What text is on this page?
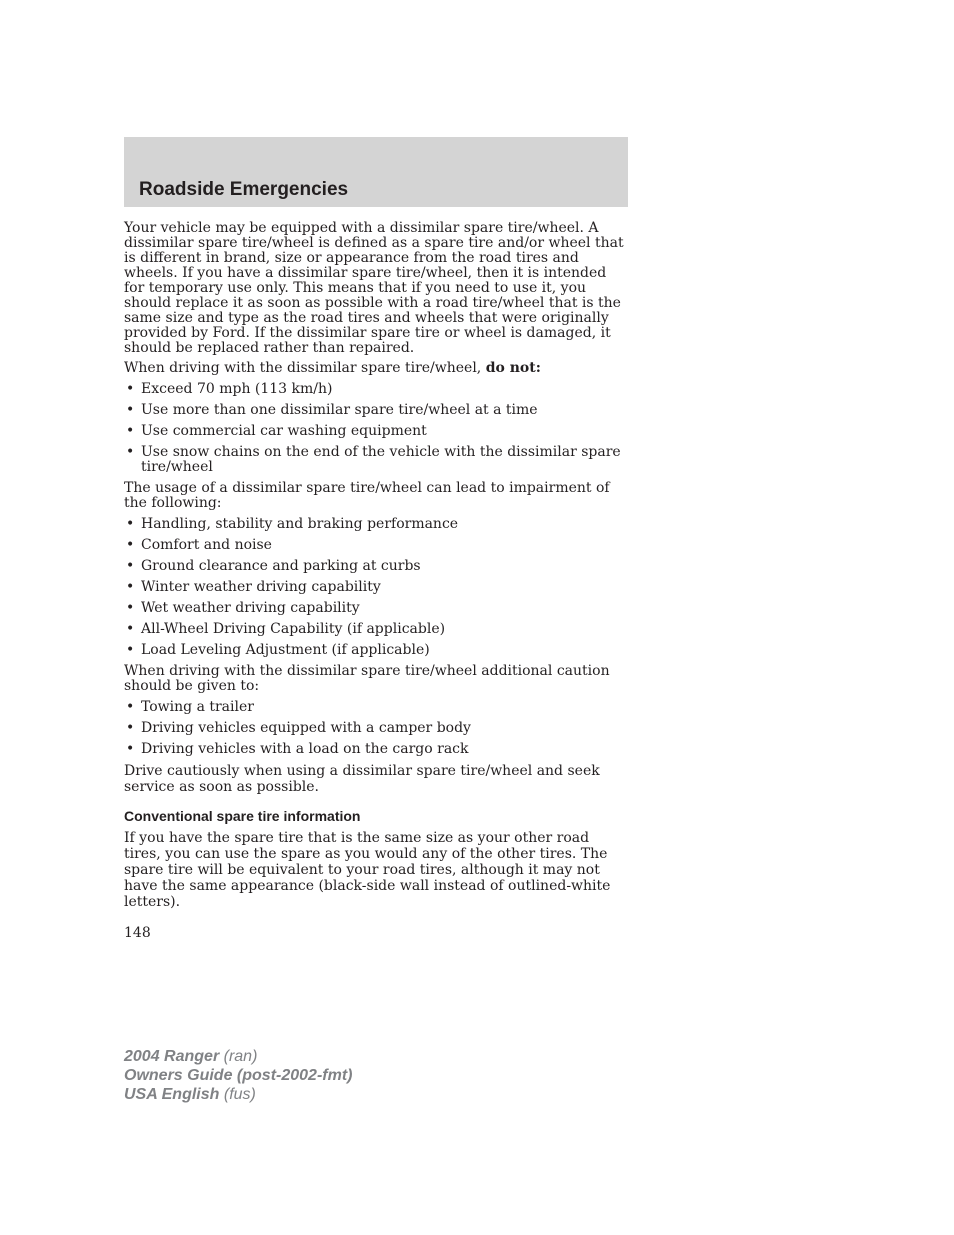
Roadside Emergencies

Your vehicle may be equipped with a dissimilar spare tire/wheel. A dissimilar spare tire/wheel is defined as a spare tire and/or wheel that is different in brand, size or appearance from the road tires and wheels. If you have a dissimilar spare tire/wheel, then it is intended for temporary use only. This means that if you need to use it, you should replace it as soon as possible with a road tire/wheel that is the same size and type as the road tires and wheels that were originally provided by Ford. If the dissimilar spare tire or wheel is damaged, it should be replaced rather than repaired.

When driving with the dissimilar spare tire/wheel, do not:

• Exceed 70 mph (113 km/h)
• Use more than one dissimilar spare tire/wheel at a time
• Use commercial car washing equipment
• Use snow chains on the end of the vehicle with the dissimilar spare tire/wheel

The usage of a dissimilar spare tire/wheel can lead to impairment of the following:

• Handling, stability and braking performance
• Comfort and noise
• Ground clearance and parking at curbs
• Winter weather driving capability
• Wet weather driving capability
• All-Wheel Driving Capability (if applicable)
• Load Leveling Adjustment (if applicable)

When driving with the dissimilar spare tire/wheel additional caution should be given to:

• Towing a trailer
• Driving vehicles equipped with a camper body
• Driving vehicles with a load on the cargo rack

Drive cautiously when using a dissimilar spare tire/wheel and seek service as soon as possible.

Conventional spare tire information

If you have the spare tire that is the same size as your other road tires, you can use the spare as you would any of the other tires. The spare tire will be equivalent to your road tires, although it may not have the same appearance (black-side wall instead of outlined-white letters).

148
2004 Ranger (ran)
Owners Guide (post-2002-fmt)
USA English (fus)
